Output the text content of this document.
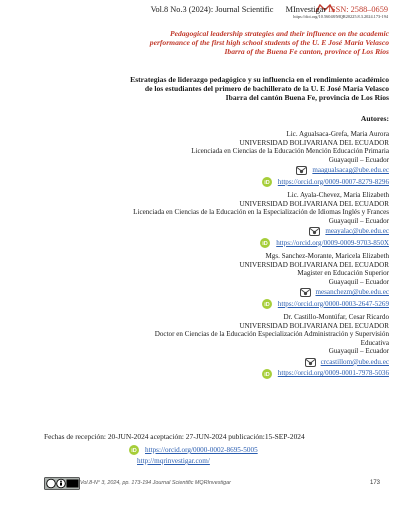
Vol.8 No.3 (2024): Journal Scientific MInvestigar ISSN: 2588–0659
https://doi.org/10.56048/MQR20225.8.3.2024.173-194
Pedagogical leadership strategies and their influence on the academic
performance of the first high school students of the U. E José María Velasco
Ibarra of the Buena Fe canton, province of Los Ríos
Estrategias de liderazgo pedagógico y su influencia en el rendimiento académico
de los estudiantes del primero de bachillerato de la U. E José María Velasco
Ibarra del cantón Buena Fe, provincia de Los Ríos
Autores:
Lic. Agualsaca-Grefa, Maria Aurora
UNIVERSIDAD BOLIVARIANA DEL ECUADOR
Licenciada en Ciencias de la Educación Mención Educación Primaria
Guayaquil – Ecuador
maagualsacag@ube.edu.ec
iD https://orcid.org/0009-0007-8279-8296
Lic. Ayala-Chevez, Maria Elizabeth
UNIVERSIDAD BOLIVARIANA DEL ECUADOR
Licenciada en Ciencias de la Educación en la Especialización de Idiomas Inglés y Frances
Guayaquil – Ecuador
meayalac@ube.edu.ec
iD https://orcid.org/0009-0009-9703-850X
Mgs. Sanchez-Morante, Maricela Elizabeth
UNIVERSIDAD BOLIVARIANA DEL ECUADOR
Magister en Educación Superior
Guayaquil – Ecuador
mesanchezm@ube.edu.ec
iD https://orcid.org/0000-0003-2647-5269
Dr. Castillo-Montúfar, Cesar Ricardo
UNIVERSIDAD BOLIVARIANA DEL ECUADOR
Doctor en Ciencias de la Educación Especialización Administración y Supervisión
Educativa
Guayaquil – Ecuador
crcastillom@ube.edu.ec
iD https://orcid.org/0009-0001-7978-5036
Fechas de recepción: 20-JUN-2024 aceptación: 27-JUN-2024 publicación:15-SEP-2024
iD https://orcid.org/0000-0002-8695-5005
http://mqrinvestigar.com/
Vol.8-N° 3, 2024, pp. 173-194 Journal Scientific MQRInvestigar	173
